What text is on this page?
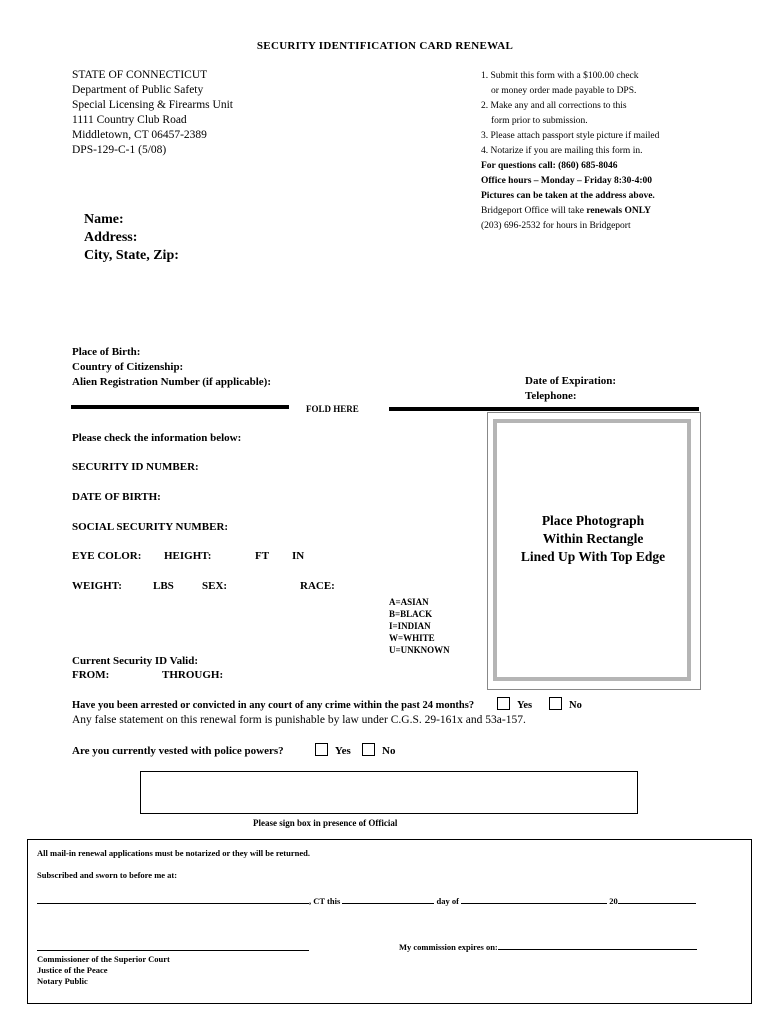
SECURITY IDENTIFICATION CARD RENEWAL
STATE OF CONNECTICUT
Department of Public Safety
Special Licensing & Firearms Unit
1111 Country Club Road
Middletown, CT 06457-2389
DPS-129-C-1 (5/08)
1. Submit this form with a $100.00 check
or money order made payable to DPS.
2. Make any and all corrections to this
form prior to submission.
3. Please attach passport style picture if mailed
4. Notarize if you are mailing this form in.
For questions call: (860) 685-8046
Office hours – Monday – Friday 8:30-4:00
Pictures can be taken at the address above.
Bridgeport Office will take renewals ONLY
(203) 696-2532 for hours in Bridgeport
Name:
Address:
City, State, Zip:
Place of Birth:
Country of Citizenship:
Alien Registration Number (if applicable):	Date of Expiration:
Telephone:
FOLD HERE
Place Photograph
Within Rectangle
Lined Up With Top Edge
Please check the information below:
SECURITY ID NUMBER:
DATE OF BIRTH:
SOCIAL SECURITY NUMBER:
EYE COLOR: HEIGHT:	FT IN
WEIGHT:	LBS	SEX:	RACE:
A=ASIAN
B=BLACK
I=INDIAN
W=WHITE
U=UNKNOWN
Current Security ID Valid:
FROM:	THROUGH:
Have you been arrested or convicted in any court of any crime within the past 24 months?	Yes	No
Any false statement on this renewal form is punishable by law under C.G.S. 29-161x and 53a-157.
Are you currently vested with police powers?	Yes	No
Please sign box in presence of Official
All mail-in renewal applications must be notarized or they will be returned.
Subscribed and sworn to before me at:
, CT this	day of	20
My commission expires on:
Commissioner of the Superior Court
Justice of the Peace
Notary Public
